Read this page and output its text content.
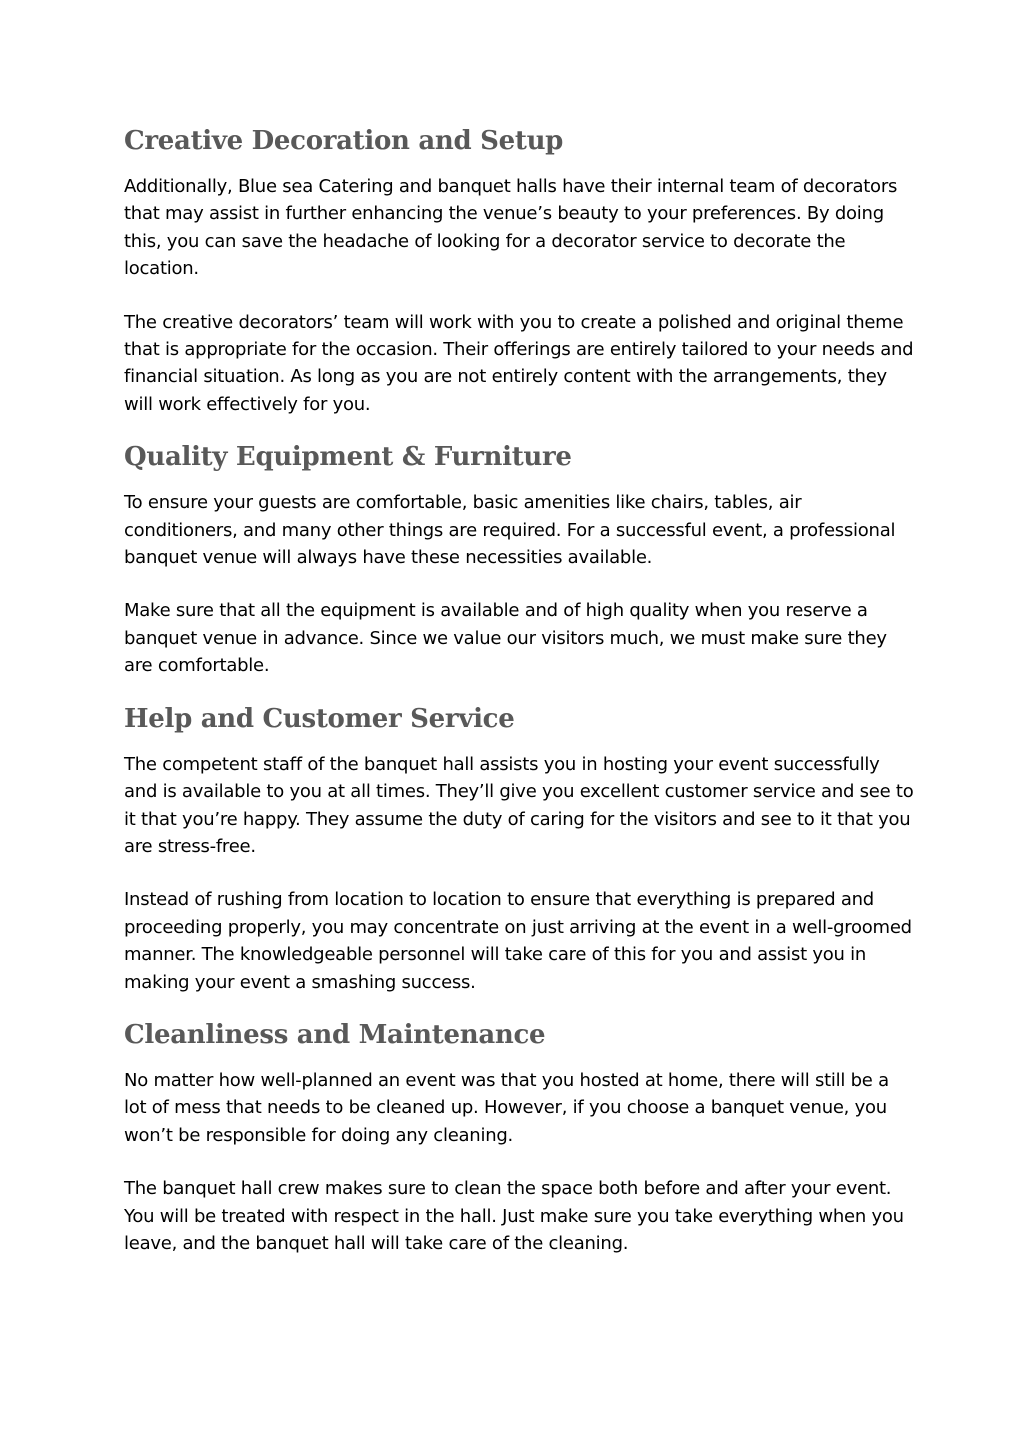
Creative Decoration and Setup

Additionally, Blue sea Catering and banquet halls have their internal team of decorators that may assist in further enhancing the venue’s beauty to your preferences. By doing this, you can save the headache of looking for a decorator service to decorate the location.

The creative decorators’ team will work with you to create a polished and original theme that is appropriate for the occasion. Their offerings are entirely tailored to your needs and financial situation. As long as you are not entirely content with the arrangements, they will work effectively for you.

Quality Equipment & Furniture

To ensure your guests are comfortable, basic amenities like chairs, tables, air conditioners, and many other things are required. For a successful event, a professional banquet venue will always have these necessities available.

Make sure that all the equipment is available and of high quality when you reserve a banquet venue in advance. Since we value our visitors much, we must make sure they are comfortable.

Help and Customer Service

The competent staff of the banquet hall assists you in hosting your event successfully and is available to you at all times. They’ll give you excellent customer service and see to it that you’re happy. They assume the duty of caring for the visitors and see to it that you are stress-free.

Instead of rushing from location to location to ensure that everything is prepared and proceeding properly, you may concentrate on just arriving at the event in a well-groomed manner. The knowledgeable personnel will take care of this for you and assist you in making your event a smashing success.

Cleanliness and Maintenance

No matter how well-planned an event was that you hosted at home, there will still be a lot of mess that needs to be cleaned up. However, if you choose a banquet venue, you won’t be responsible for doing any cleaning.

The banquet hall crew makes sure to clean the space both before and after your event. You will be treated with respect in the hall. Just make sure you take everything when you leave, and the banquet hall will take care of the cleaning.
